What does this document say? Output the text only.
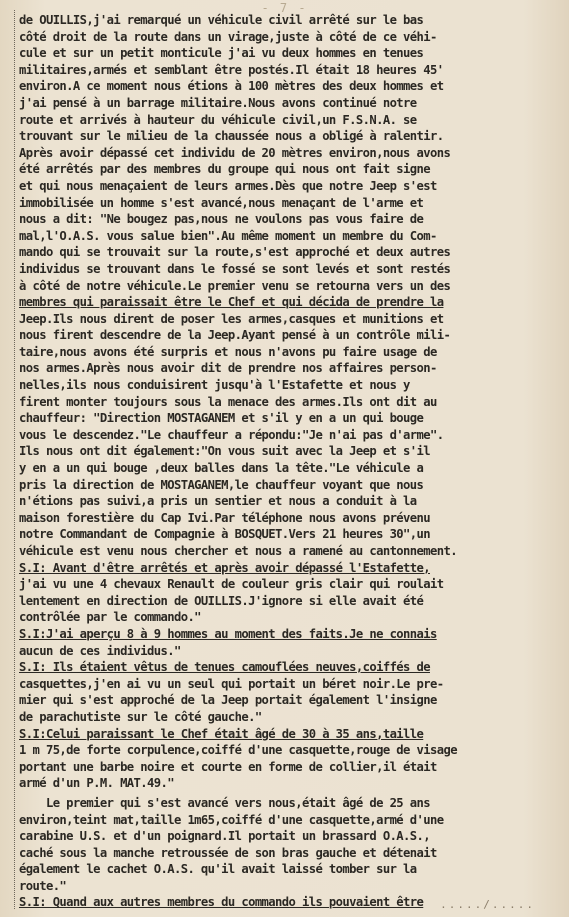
- 7 -
de OUILLIS,j'ai remarqué un véhicule civil arrêté sur le bas
côté droit de la route dans un virage,juste à côté de ce véhi-
cule et sur un petit monticule j'ai vu deux hommes en tenues
militaires,armés et semblant être postés.Il était 18 heures 45'
environ.A ce moment nous étions à 100 mètres des deux hommes et
j'ai pensé à un barrage militaire.Nous avons continué notre
route et arrivés à hauteur du véhicule civil,un F.S.N.A. se
trouvant sur le milieu de la chaussée nous a obligé à ralentir.
Après avoir dépassé cet individu de 20 mètres environ,nous avons
été arrêtés par des membres du groupe qui nous ont fait signe
et qui nous menaçaient de leurs armes.Dès que notre Jeep s'est
immobilisée un homme s'est avancé,nous menaçant de l'arme et
nous a dit: "Ne bougez pas,nous ne voulons pas vous faire de
mal,l'O.A.S. vous salue bien".Au même moment un membre du Com-
mando qui se trouvait sur la route,s'est approché et deux autres
individus se trouvant dans le fossé se sont levés et sont restés
à côté de notre véhicule.Le premier venu se retourna vers un des
membres qui paraissait être le Chef et qui décida de prendre la
Jeep.Ils nous dirent de poser les armes,casques et munitions et
nous firent descendre de la Jeep.Ayant pensé à un contrôle mili-
taire,nous avons été surpris et nous n'avons pu faire usage de
nos armes.Après nous avoir dit de prendre nos affaires person-
nelles,ils nous conduisirent jusqu'à l'Estafette et nous y
firent monter toujours sous la menace des armes.Ils ont dit au
chauffeur: "Direction MOSTAGANEM et s'il y en a un qui bouge
vous le descendez."Le chauffeur a répondu:"Je n'ai pas d'arme".
Ils nous ont dit également:"On vous suit avec la Jeep et s'il
y en a un qui bouge ,deux balles dans la tête."Le véhicule a
pris la direction de MOSTAGANEM,le chauffeur voyant que nous
n'étions pas suivi,a pris un sentier et nous a conduit à la
maison forestière du Cap Ivi.Par téléphone nous avons prévenu
notre Commandant de Compagnie à BOSQUET.Vers 21 heures 30",un
véhicule est venu nous chercher et nous a ramené au cantonnement.
S.I: Avant d'être arrêtés et après avoir dépassé l'Estafette,
j'ai vu une 4 chevaux Renault de couleur gris clair qui roulait
lentement en direction de OUILLIS.J'ignore si elle avait été
contrôlée par le commando."
S.I:J'ai aperçu 8 à 9 hommes au moment des faits.Je ne connais
aucun de ces individus."
S.I: Ils étaient vêtus de tenues camouflées neuves,coiffés de
casquettes,j'en ai vu un seul qui portait un béret noir.Le pre-
mier qui s'est approché de la Jeep portait également l'insigne
de parachutiste sur le côté gauche."
S.I:Celui paraissant le Chef était âgé de 30 à 35 ans,taille
1 m 75,de forte corpulence,coiffé d'une casquette,rouge de visage
portant une barbe noire et courte en forme de collier,il était
armé d'un P.M. MAT.49."
Le premier qui s'est avancé vers nous,était âgé de 25 ans
environ,teint mat,taille 1m65,coiffé d'une casquette,armé d'une
carabine U.S. et d'un poignard.Il portait un brassard O.A.S.,
caché sous la manche retroussée de son bras gauche et détenait
également le cachet O.A.S. qu'il avait laissé tomber sur la
route."
S.I: Quand aux autres membres du commando ils pouvaient être	...../.....
